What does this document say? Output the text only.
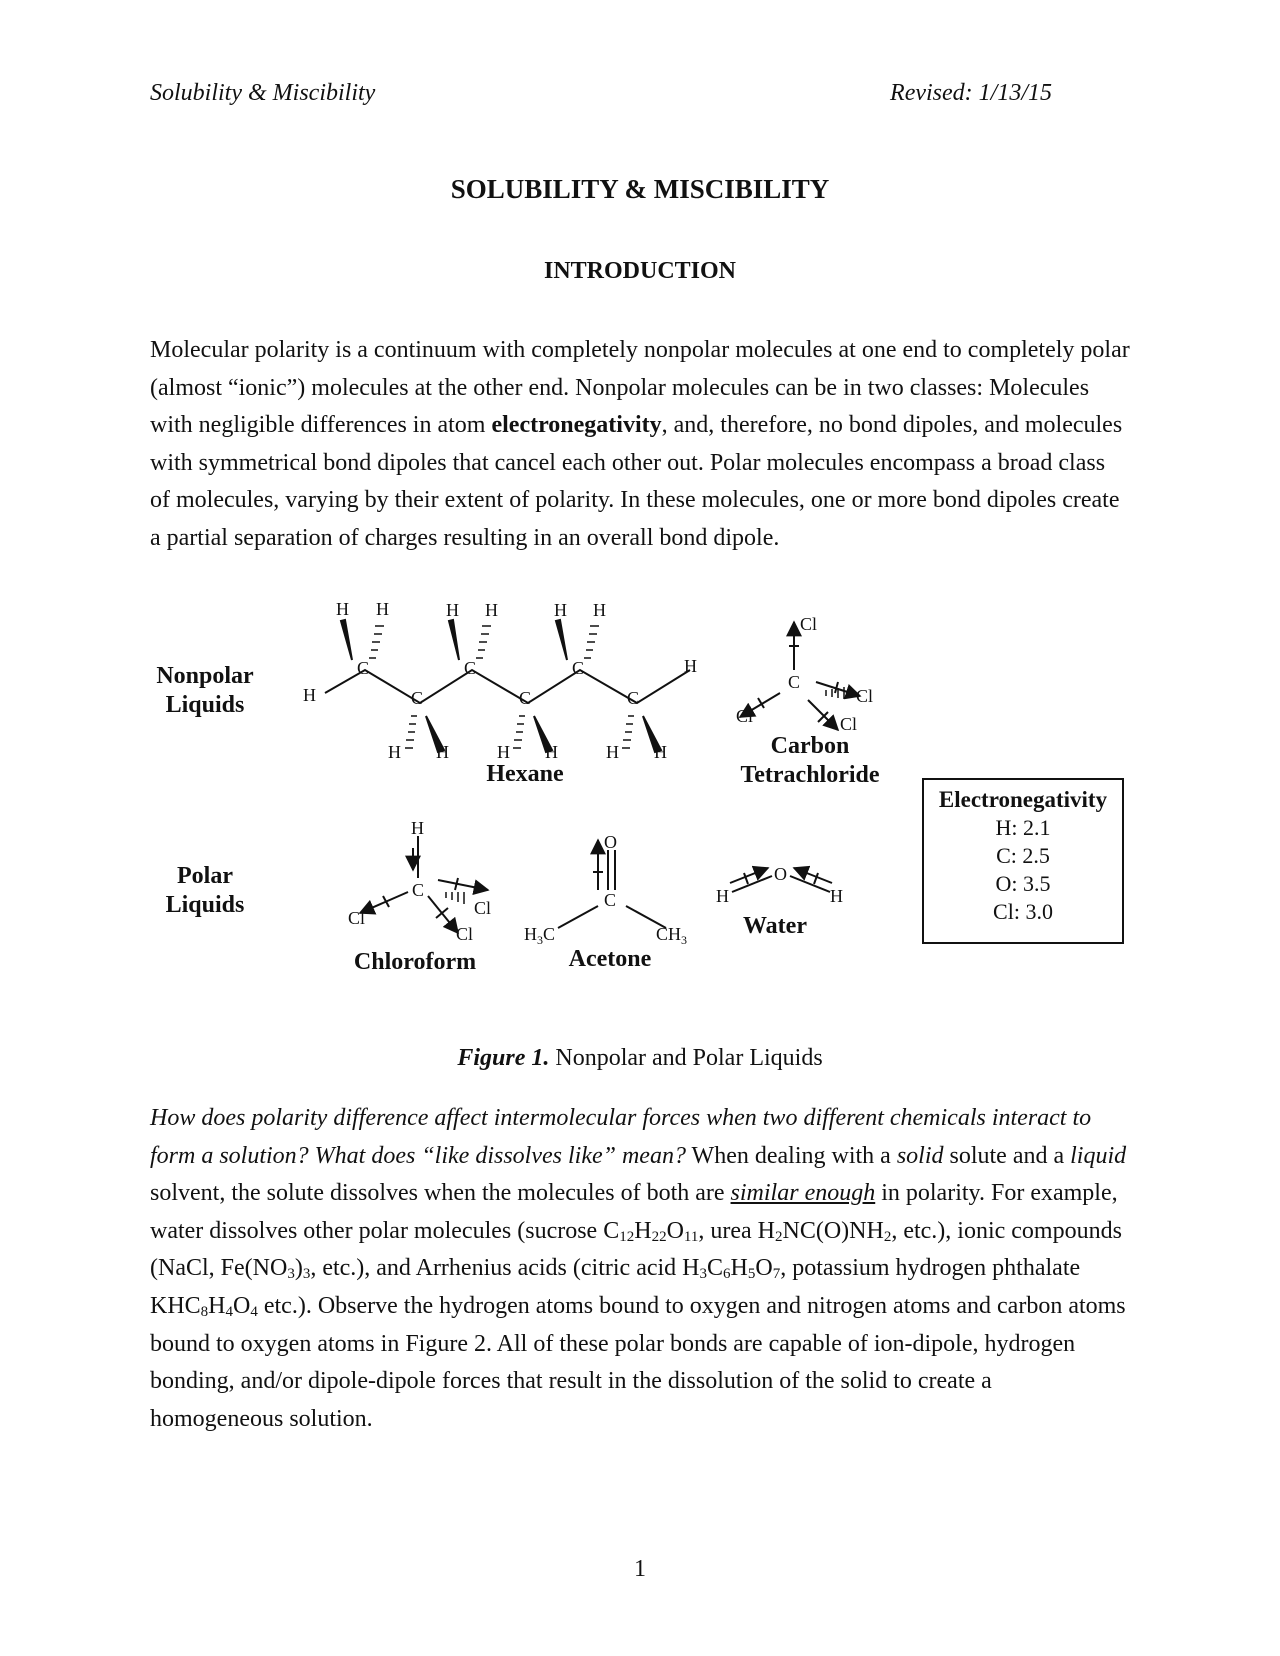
Solubility & Miscibility	Revised: 1/13/15
SOLUBILITY & MISCIBILITY
INTRODUCTION

Molecular polarity is a continuum with completely nonpolar molecules at one end to completely polar (almost “ionic”) molecules at the other end. Nonpolar molecules can be in two classes: Molecules with negligible differences in atom electronegativity, and, therefore, no bond dipoles, and molecules with symmetrical bond dipoles that cancel each other out. Polar molecules encompass a broad class of molecules, varying by their extent of polarity. In these molecules, one or more bond dipoles create a partial separation of charges resulting in an overall bond dipole.

H H	H H	H H
C	C	C
C	C	C
H
H
H H	H H	H H
Cl
C
Cl
Cl
Cl
H
C
Cl	Cl
Cl
O
C
$H_3C$	$CH_3$
O
H	H
Nonpolar
Liquids
Polar
Liquids
Hexane
Carbon
Tetrachloride
Chloroform	Acetone
Water
Electronegativity
H: 2.1
C: 2.5
O: 3.5
Cl: 3.0
Figure 1. Nonpolar and Polar Liquids

How does polarity difference affect intermolecular forces when two different chemicals interact to form a solution? What does “like dissolves like” mean? When dealing with a solid solute and a liquid solvent, the solute dissolves when the molecules of both are similar enough in polarity. For example, water dissolves other polar molecules (sucrose $C_{12}H_{22}O_{11}$, urea $H_2NC(O)NH_2$, etc.), ionic compounds (NaCl, $Fe(NO_3)_3$, etc.), and Arrhenius acids (citric acid $H_3C_6H_5O_7$, potassium hydrogen phthalate $KHC_8H_4O_4$ etc.). Observe the hydrogen atoms bound to oxygen and nitrogen atoms and carbon atoms bound to oxygen atoms in Figure 2. All of these polar bonds are capable of ion-dipole, hydrogen bonding, and/or dipole-dipole forces that result in the dissolution of the solid to create a homogeneous solution.

1
